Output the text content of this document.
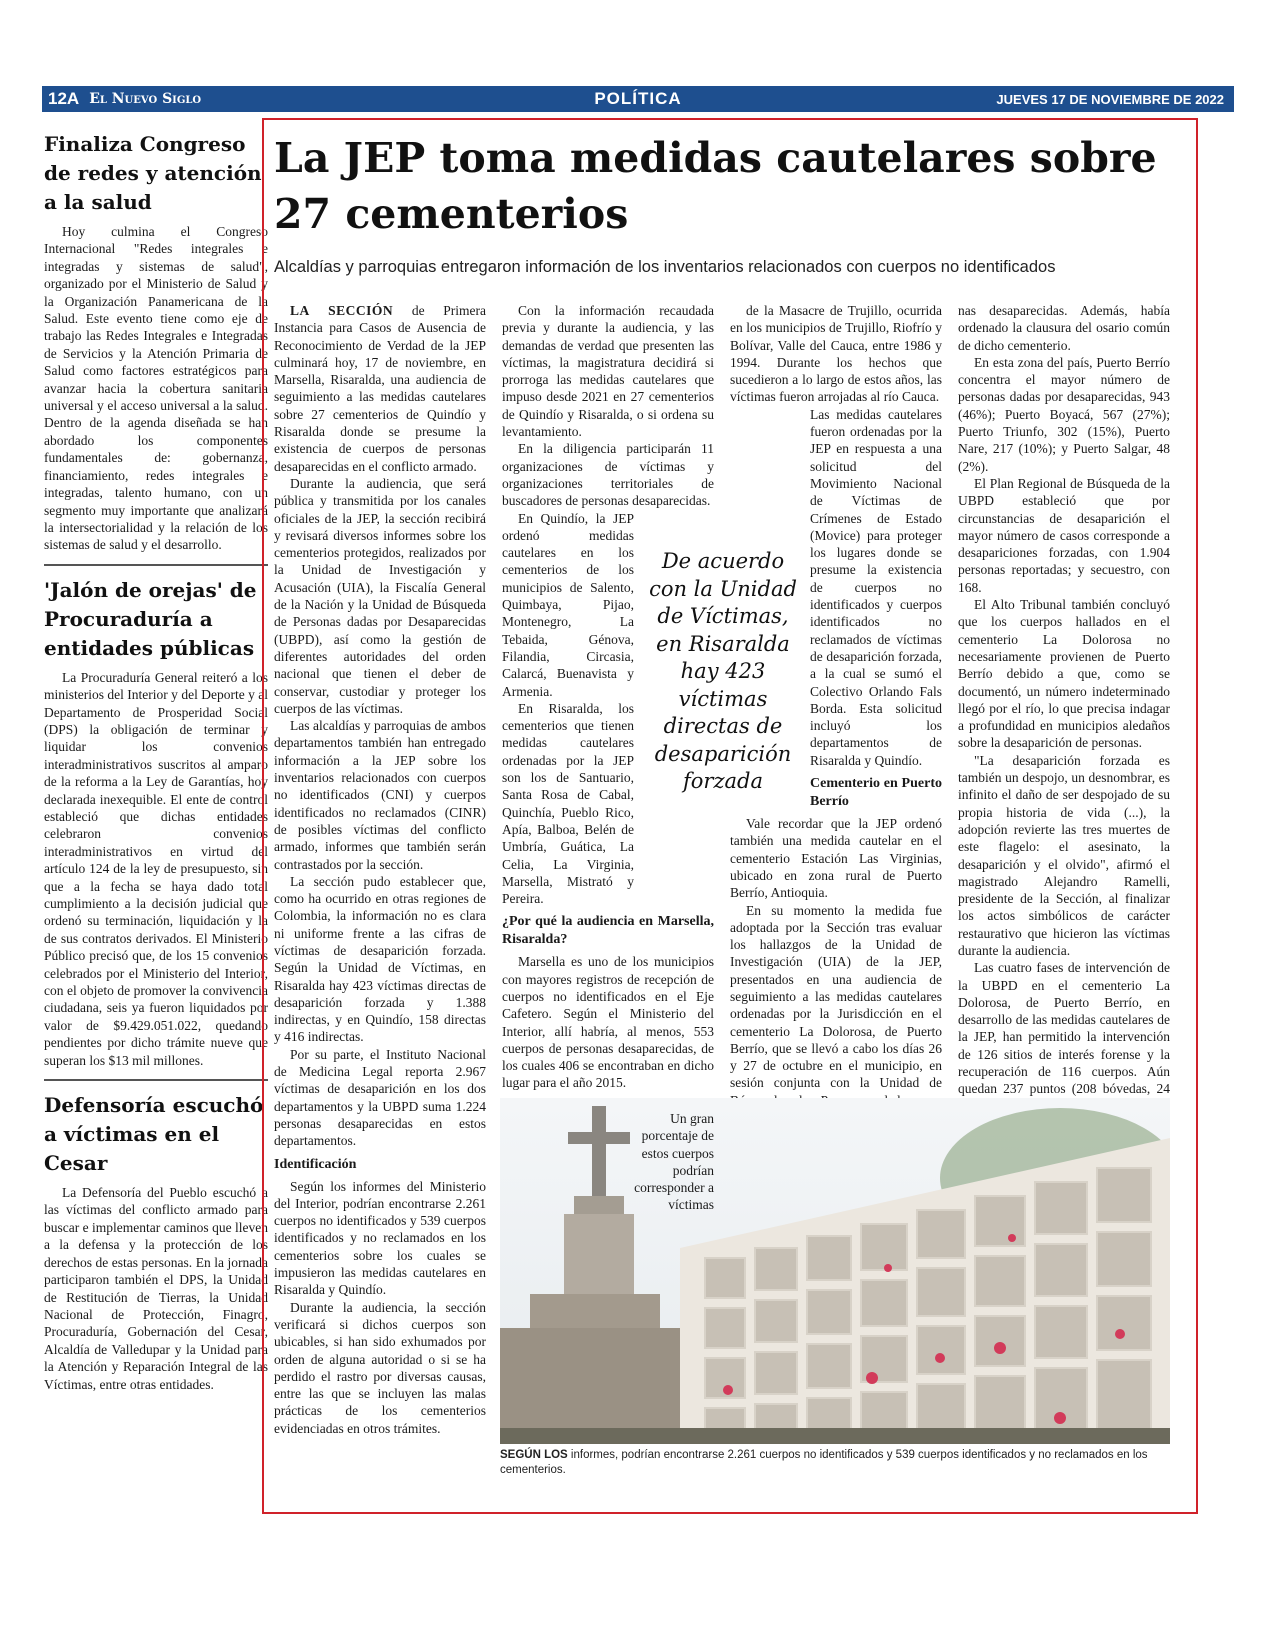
12A El Nuevo Siglo	POLÍTICA	JUEVES 17 DE NOVIEMBRE DE 2022
Finaliza Congreso de redes y atención a la salud

Hoy culmina el Congreso Internacional "Redes integrales e integradas y sistemas de salud", organizado por el Ministerio de Salud y la Organización Panamericana de la Salud. Este evento tiene como eje de trabajo las Redes Integrales e Integradas de Servicios y la Atención Primaria de Salud como factores estratégicos para avanzar hacia la cobertura sanitaria universal y el acceso universal a la salud. Dentro de la agenda diseñada se han abordado los componentes fundamentales de: gobernanza, financiamiento, redes integrales e integradas, talento humano, con un segmento muy importante que analizará la intersectorialidad y la relación de los sistemas de salud y el desarrollo.

'Jalón de orejas' de Procuraduría a entidades públicas

La Procuraduría General reiteró a los ministerios del Interior y del Deporte y al Departamento de Prosperidad Social (DPS) la obligación de terminar y liquidar los convenios interadministrativos suscritos al amparo de la reforma a la Ley de Garantías, hoy declarada inexequible. El ente de control estableció que dichas entidades celebraron convenios interadministrativos en virtud del artículo 124 de la ley de presupuesto, sin que a la fecha se haya dado total cumplimiento a la decisión judicial que ordenó su terminación, liquidación y la de sus contratos derivados. El Ministerio Público precisó que, de los 15 convenios celebrados por el Ministerio del Interior, con el objeto de promover la convivencia ciudadana, seis ya fueron liquidados por valor de $9.429.051.022, quedando pendientes por dicho trámite nueve que superan los $13 mil millones.

Defensoría escuchó a víctimas en el Cesar

La Defensoría del Pueblo escuchó a las víctimas del conflicto armado para buscar e implementar caminos que lleven a la defensa y la protección de los derechos de estas personas. En la jornada participaron también el DPS, la Unidad de Restitución de Tierras, la Unidad Nacional de Protección, Finagro, Procuraduría, Gobernación del Cesar, Alcaldía de Valledupar y la Unidad para la Atención y Reparación Integral de las Víctimas, entre otras entidades.

La JEP toma medidas cautelares sobre 27 cementerios

Alcaldías y parroquias entregaron información de los inventarios relacionados con cuerpos no identificados

LA SECCIÓN de Primera Instancia para Casos de Ausencia de Reconocimiento de Verdad de la JEP culminará hoy, 17 de noviembre, en Marsella, Risaralda, una audiencia de seguimiento a las medidas cautelares sobre 27 cementerios de Quindío y Risaralda donde se presume la existencia de cuerpos de personas desaparecidas en el conflicto armado.

Durante la audiencia, que será pública y transmitida por los canales oficiales de la JEP, la sección recibirá y revisará diversos informes sobre los cementerios protegidos, realizados por la Unidad de Investigación y Acusación (UIA), la Fiscalía General de la Nación y la Unidad de Búsqueda de Personas dadas por Desaparecidas (UBPD), así como la gestión de diferentes autoridades del orden nacional que tienen el deber de conservar, custodiar y proteger los cuerpos de las víctimas.

Las alcaldías y parroquias de ambos departamentos también han entregado información a la JEP sobre los inventarios relacionados con cuerpos no identificados (CNI) y cuerpos identificados no reclamados (CINR) de posibles víctimas del conflicto armado, informes que también serán contrastados por la sección.

La sección pudo establecer que, como ha ocurrido en otras regiones de Colombia, la información no es clara ni uniforme frente a las cifras de víctimas de desaparición forzada. Según la Unidad de Víctimas, en Risaralda hay 423 víctimas directas de desaparición forzada y 1.388 indirectas, y en Quindío, 158 directas y 416 indirectas.

Por su parte, el Instituto Nacional de Medicina Legal reporta 2.967 víctimas de desaparición en los dos departamentos y la UBPD suma 1.224 personas desaparecidas en estos departamentos.

Identificación

Según los informes del Ministerio del Interior, podrían encontrarse 2.261 cuerpos no identificados y 539 cuerpos identificados y no reclamados en los cementerios sobre los cuales se impusieron las medidas cautelares en Risaralda y Quindío.

Durante la audiencia, la sección verificará si dichos cuerpos son ubicables, si han sido exhumados por orden de alguna autoridad o si se ha perdido el rastro por diversas causas, entre las que se incluyen las malas prácticas de los cementerios evidenciadas en otros trámites.

Con la información recaudada previa y durante la audiencia, y las demandas de verdad que presenten las víctimas, la magistratura decidirá si prorroga las medidas cautelares que impuso desde 2021 en 27 cementerios de Quindío y Risaralda, o si ordena su levantamiento.

En la diligencia participarán 11 organizaciones de víctimas y organizaciones territoriales de buscadores de personas desaparecidas.

En Quindío, la JEP ordenó medidas cautelares en los cementerios de los municipios de Salento, Quimbaya, Pijao, Montenegro, La Tebaida, Génova, Filandia, Circasia, Calarcá, Buenavista y Armenia.

En Risaralda, los cementerios que tienen medidas cautelares ordenadas por la JEP son los de Santuario, Santa Rosa de Cabal, Quinchía, Pueblo Rico, Apía, Balboa, Belén de Umbría, Guática, La Celia, La Virginia, Marsella, Mistrató y Pereira.

¿Por qué la audiencia en Marsella, Risaralda?

Marsella es uno de los municipios con mayores registros de recepción de cuerpos no identificados en el Eje Cafetero. Según el Ministerio del Interior, allí habría, al menos, 553 cuerpos de personas desaparecidas, de los cuales 406 se encontraban en dicho lugar para el año 2015.

De acuerdo con la Unidad de Víctimas, en Risaralda hay 423 víctimas directas de desaparición forzada

de la Masacre de Trujillo, ocurrida en los municipios de Trujillo, Riofrío y Bolívar, Valle del Cauca, entre 1986 y 1994. Durante los hechos que sucedieron a lo largo de estos años, las víctimas fueron arrojadas al río Cauca.

Las medidas cautelares fueron ordenadas por la JEP en respuesta a una solicitud del Movimiento Nacional de Víctimas de Crímenes de Estado (Movice) para proteger los lugares donde se presume la existencia de cuerpos no identificados y cuerpos identificados no reclamados de víctimas de desaparición forzada, a la cual se sumó el Colectivo Orlando Fals Borda. Esta solicitud incluyó los departamentos de Risaralda y Quindío.

Cementerio en Puerto Berrío

Vale recordar que la JEP ordenó también una medida cautelar en el cementerio Estación Las Virginias, ubicado en zona rural de Puerto Berrío, Antioquia.

En su momento la medida fue adoptada por la Sección tras evaluar los hallazgos de la Unidad de Investigación (UIA) de la JEP, presentados en una audiencia de seguimiento a las medidas cautelares ordenadas por la Jurisdicción en el cementerio La Dolorosa, de Puerto Berrío, que se llevó a cabo los días 26 y 27 de octubre en el municipio, en sesión conjunta con la Unidad de

nas desaparecidas. Además, había ordenado la clausura del osario común de dicho cementerio.

En esta zona del país, Puerto Berrío concentra el mayor número de personas dadas por desaparecidas, 943 (46%); Puerto Boyacá, 567 (27%); Puerto Triunfo, 302 (15%), Puerto Nare, 217 (10%); y Puerto Salgar, 48 (2%).

El Plan Regional de Búsqueda de la UBPD estableció que por circunstancias de desaparición el mayor número de casos corresponde a desapariciones forzadas, con 1.904 personas reportadas; y secuestro, con 168.

El Alto Tribunal también concluyó que los cuerpos hallados en el cementerio La Dolorosa no necesariamente provienen de Puerto Berrío debido a que, como se documentó, un número indeterminado llegó por el río, lo que precisa indagar a profundidad en municipios aledaños sobre la desaparición de personas.

"La desaparición forzada es también un despojo, un desnombrar, es infinito el daño de ser despojado de su propia historia de vida (...), la adopción revierte las tres muertes de este flagelo: el asesinato, la desaparición y el olvido", afirmó el magistrado Alejandro Ramelli, presidente de la Sección, al finalizar los actos simbólicos de carácter restaurativo que hicieron las víctimas durante la audiencia.

Las cuatro fases de intervención de la UBPD en el cementerio La Dolorosa, de Puerto Berrío, en desarrollo de las medidas cautelares de la JEP, han permitido la intervención de 126 sitios de interés forense y la recuperación de 116 cuerpos. Aún quedan 237 puntos (208 bóvedas, 24

Un gran porcentaje de estos cuerpos podrían corresponder a víctimas
SEGÚN LOS informes, podrían encontrarse 2.261 cuerpos no identificados y 539 cuerpos identificados y no reclamados en los cementerios.
